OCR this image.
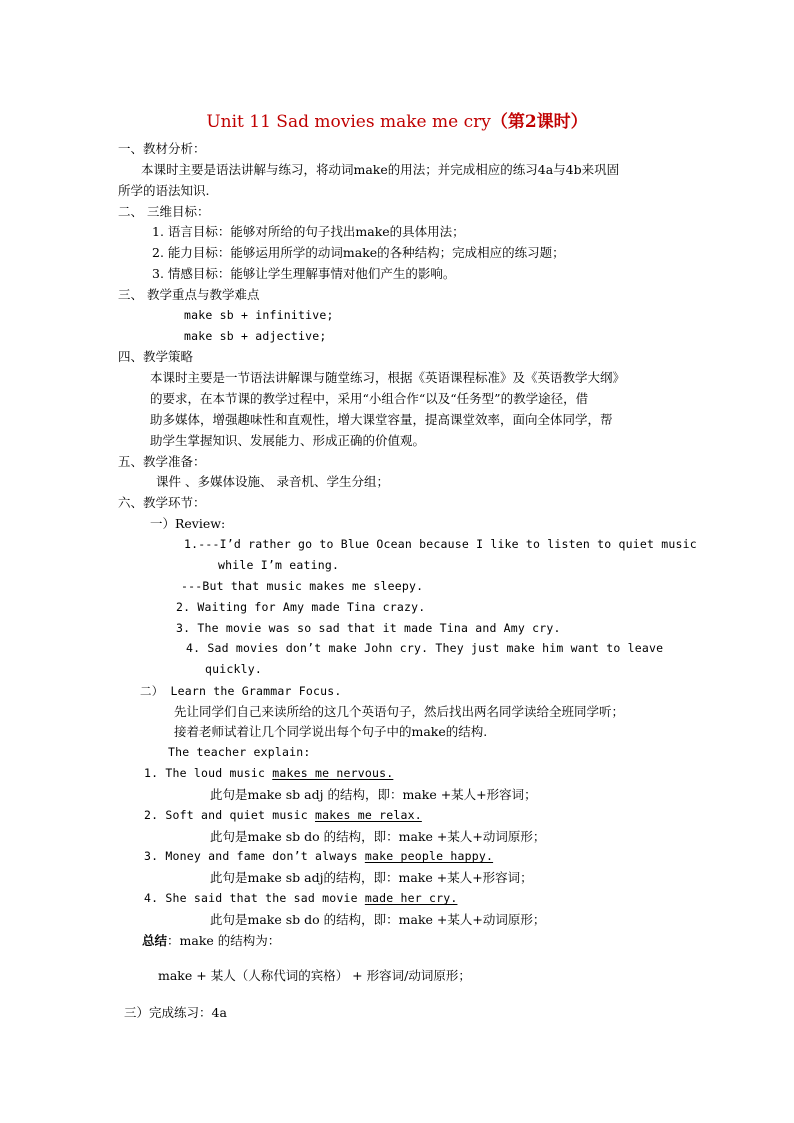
Unit 11 Sad movies make me cry（第2课时）
一、教材分析：
本课时主要是语法讲解与练习，将动词make的用法；并完成相应的练习4a与4b来巩固
所学的语法知识.
二、 三维目标：
1. 语言目标：能够对所给的句子找出make的具体用法；
2. 能力目标：能够运用所学的动词make的各种结构；完成相应的练习题；
3. 情感目标：能够让学生理解事情对他们产生的影响。
三、 教学重点与教学难点
make sb + infinitive;
make sb + adjective;
四、教学策略
本课时主要是一节语法讲解课与随堂练习，根据《英语课程标准》及《英语教学大纲》
的要求，在本节课的教学过程中，采用“小组合作“以及“任务型”的教学途径，借
助多媒体，增强趣味性和直观性，增大课堂容量，提高课堂效率，面向全体同学，帮
助学生掌握知识、发展能力、形成正确的价值观。
五、教学准备：
课件 、多媒体设施、 录音机、学生分组；
六、教学环节：
一）Review:
1.---I’d rather go to Blue Ocean because I like to listen to quiet music
while I’m eating.
---But that music makes me sleepy.
2. Waiting for Amy made Tina crazy.
3. The movie was so sad that it made Tina and Amy cry.
4. Sad movies don’t make John cry. They just make him want to leave
quickly.
二） Learn the Grammar Focus.
先让同学们自己来读所给的这几个英语句子，然后找出两名同学读给全班同学听；
接着老师试着让几个同学说出每个句子中的make的结构.
The teacher explain:
1. The loud music makes me nervous.
此句是make sb adj 的结构，即：make +某人+形容词；
2. Soft and quiet music makes me relax.
此句是make sb do 的结构，即：make +某人+动词原形；
3. Money and fame don’t always make people happy.
此句是make sb adj的结构，即：make +某人+形容词；
4. She said that the sad movie made her cry.
此句是make sb do 的结构，即：make +某人+动词原形；
总结：make 的结构为：
make + 某人（人称代词的宾格） + 形容词/动词原形；
三）完成练习：4a
